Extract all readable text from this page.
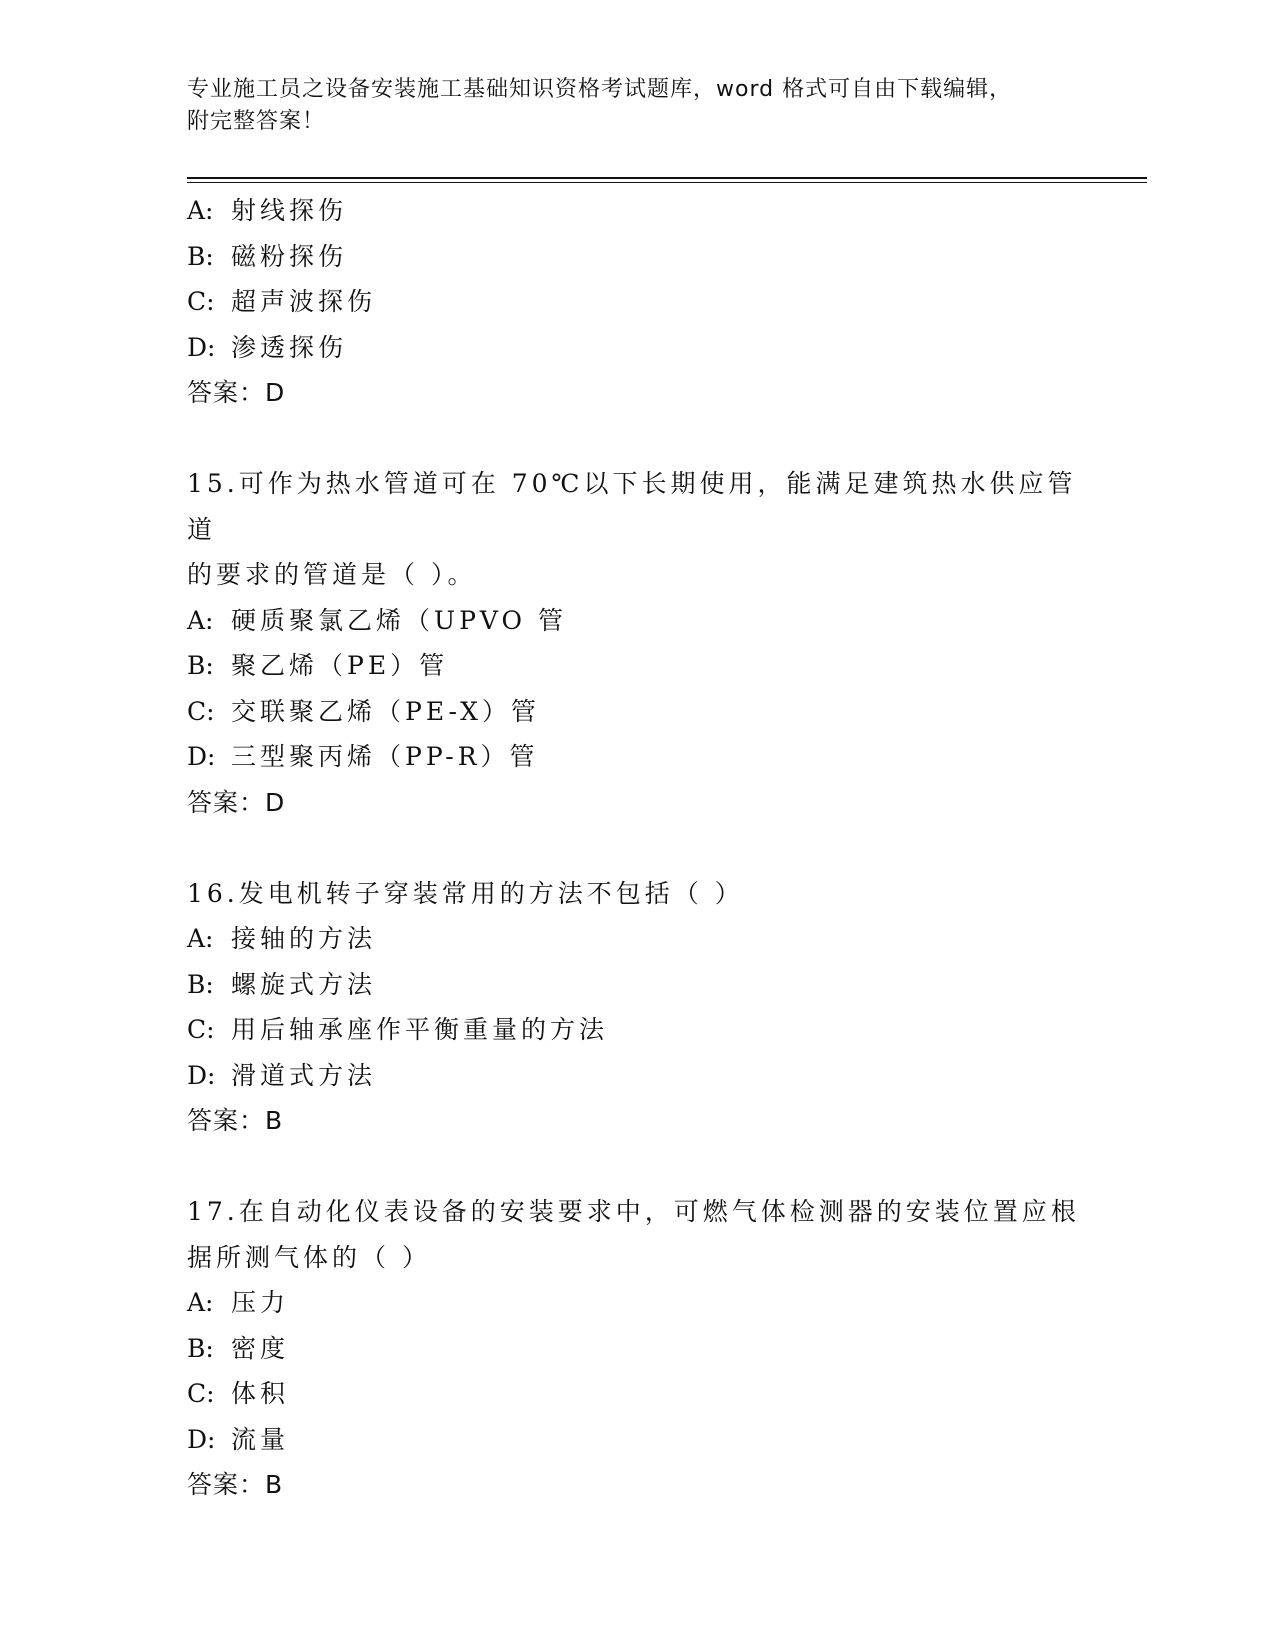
专业施工员之设备安装施工基础知识资格考试题库，word 格式可自由下载编辑，
附完整答案！
A: 射线探伤
B: 磁粉探伤
C: 超声波探伤
D: 渗透探伤
答案：D
15.可作为热水管道可在 70℃以下长期使用，能满足建筑热水供应管道
的要求的管道是（ ）。
A: 硬质聚氯乙烯（UPVO 管
B: 聚乙烯（PE）管
C: 交联聚乙烯（PE-X）管
D: 三型聚丙烯（PP-R）管
答案：D
16.发电机转子穿装常用的方法不包括（ ）
A: 接轴的方法
B: 螺旋式方法
C: 用后轴承座作平衡重量的方法
D: 滑道式方法
答案：B
17.在自动化仪表设备的安装要求中，可燃气体检测器的安装位置应根
据所测气体的（ ）
A: 压力
B: 密度
C: 体积
D: 流量
答案：B
